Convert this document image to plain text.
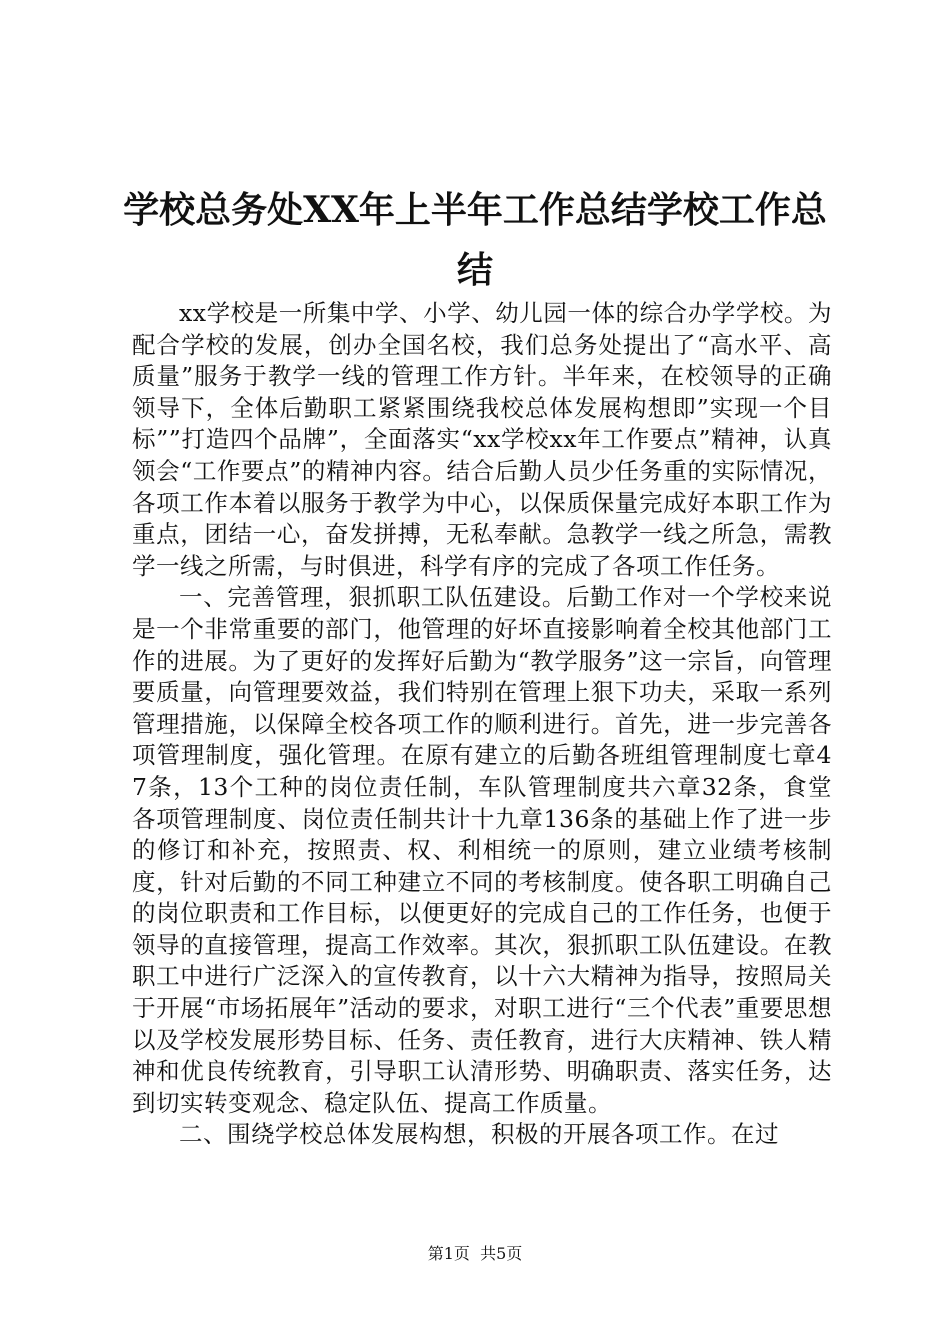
学校总务处XX年上半年工作总结学校工作总
结

xx学校是一所集中学、小学、幼儿园一体的综合办学学校。为配合学校的发展，创办全国名校，我们总务处提出了“高水平、高质量”服务于教学一线的管理工作方针。半年来，在校领导的正确领导下，全体后勤职工紧紧围绕我校总体发展构想即”实现一个目标””打造四个品牌”，全面落实“xx学校xx年工作要点”精神，认真领会“工作要点”的精神内容。结合后勤人员少任务重的实际情况，各项工作本着以服务于教学为中心，以保质保量完成好本职工作为重点，团结一心，奋发拼搏，无私奉献。急教学一线之所急，需教学一线之所需，与时俱进，科学有序的完成了各项工作任务。

一、完善管理，狠抓职工队伍建设。后勤工作对一个学校来说是一个非常重要的部门，他管理的好坏直接影响着全校其他部门工作的进展。为了更好的发挥好后勤为“教学服务”这一宗旨，向管理要质量，向管理要效益，我们特别在管理上狠下功夫，采取一系列管理措施，以保障全校各项工作的顺利进行。首先，进一步完善各项管理制度，强化管理。在原有建立的后勤各班组管理制度七章47条，13个工种的岗位责任制，车队管理制度共六章32条，食堂各项管理制度、岗位责任制共计十九章136条的基础上作了进一步的修订和补充，按照责、权、利相统一的原则，建立业绩考核制度，针对后勤的不同工种建立不同的考核制度。使各职工明确自己的岗位职责和工作目标，以便更好的完成自己的工作任务，也便于领导的直接管理，提高工作效率。其次，狠抓职工队伍建设。在教职工中进行广泛深入的宣传教育，以十六大精神为指导，按照局关于开展“市场拓展年”活动的要求，对职工进行“三个代表”重要思想以及学校发展形势目标、任务、责任教育，进行大庆精神、铁人精神和优良传统教育，引导职工认清形势、明确职责、落实任务，达到切实转变观念、稳定队伍、提高工作质量。

二、围绕学校总体发展构想，积极的开展各项工作。在过

第1页 共5页
